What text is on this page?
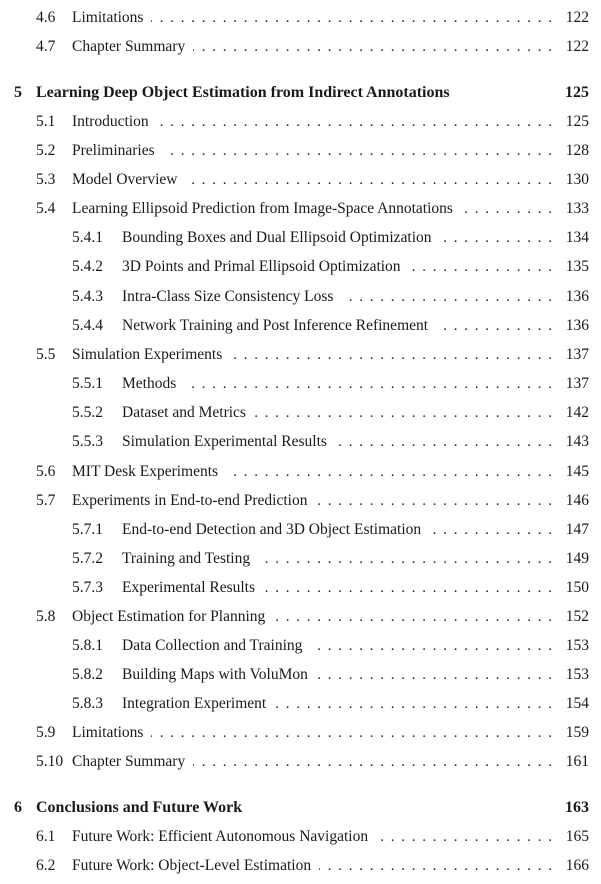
4.6 Limitations	122
. . .
4.7 Chapter Summary	122
. . .
5 Learning Deep Object Estimation from Indirect Annotations	125
5.1 Introduction	125
. . .
5.2 Preliminaries	128
. . .
5.3 Model Overview	130
. . .
5.4 Learning Ellipsoid Prediction from Image-Space Annotations	133
. . .
5.4.1 Bounding Boxes and Dual Ellipsoid Optimization	134
. . .
5.4.2 3D Points and Primal Ellipsoid Optimization	135
. . .
5.4.3 Intra-Class Size Consistency Loss	136
. . .
5.4.4 Network Training and Post Inference Refinement	136
. . .
5.5 Simulation Experiments	137
. . .
5.5.1 Methods	137
. . .
5.5.2 Dataset and Metrics	142
. . .
5.5.3 Simulation Experimental Results	143
. . .
5.6 MIT Desk Experiments	145
. . .
5.7 Experiments in End-to-end Prediction	146
. . .
5.7.1 End-to-end Detection and 3D Object Estimation	147
. . .
5.7.2 Training and Testing	149
. . .
5.7.3 Experimental Results	150
. . .
5.8 Object Estimation for Planning	152
. . .
5.8.1 Data Collection and Training	153
. . .
5.8.2 Building Maps with VoluMon	153
. . .
5.8.3 Integration Experiment	154
. . .
5.9 Limitations	159
. . .
5.10 Chapter Summary	161
. . .
6 Conclusions and Future Work	163
6.1 Future Work: Efficient Autonomous Navigation	165
. . .
6.2 Future Work: Object-Level Estimation	166
. . .
